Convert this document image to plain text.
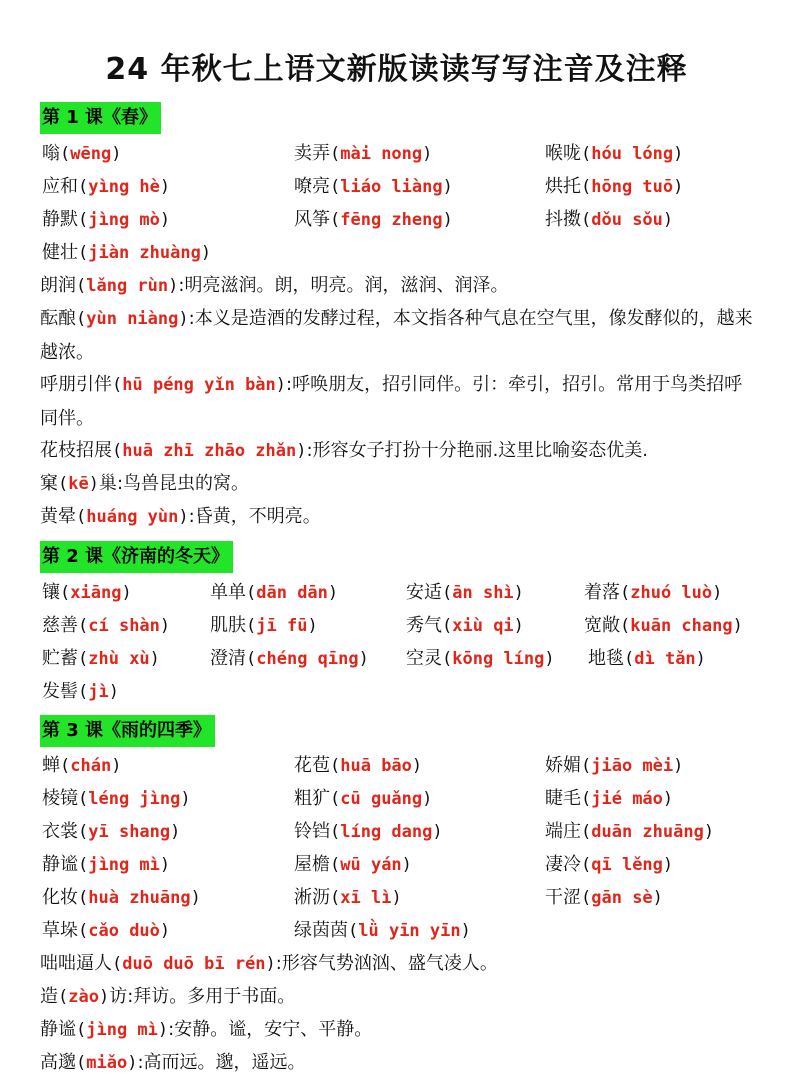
24 年秋七上语文新版读读写写注音及注释
第 1 课《春》
嗡(wēng)	卖弄(mài nong)	喉咙(hóu lóng)
应和(yìng hè)	嘹亮(liáo liàng)	烘托(hōng tuō)
静默(jìng mò)	风筝(fēng zheng)	抖擞(dǒu sǒu)
健壮(jiàn zhuàng)
朗润(lǎng rùn):明亮滋润。朗，明亮。润，滋润、润泽。
酝酿(yùn niàng):本义是造酒的发酵过程，本文指各种气息在空气里，像发酵似的，越来越浓。
呼朋引伴(hū péng yǐn bàn):呼唤朋友，招引同伴。引：牵引，招引。常用于鸟类招呼同伴。
花枝招展(huā zhī zhāo zhǎn):形容女子打扮十分艳丽.这里比喻姿态优美.
窠(kē)巢:鸟兽昆虫的窝。
黄晕(huáng yùn):昏黄，不明亮。
第 2 课《济南的冬天》
镶(xiāng)	单单(dān dān)	安适(ān shì)	着落(zhuó luò)
慈善(cí shàn) 肌肤(jī fū)	秀气(xiù qi)	宽敞(kuān chang)
贮蓄(zhù xù)	澄清(chéng qīng) 空灵(kōng líng) 地毯(dì tǎn)
发髻(jì)
第 3 课《雨的四季》
蝉(chán)	花苞(huā bāo)	娇媚(jiāo mèi)
棱镜(léng jìng)	粗犷(cū guǎng)	睫毛(jié máo)
衣裳(yī shang)	铃铛(líng dang)	端庄(duān zhuāng)
静谧(jìng mì)	屋檐(wū yán)	凄冷(qī lěng)
化妆(huà zhuāng)	淅沥(xī lì)	干涩(gān sè)
草垛(cǎo duò)	绿茵茵(lǜ yīn yīn)
咄咄逼人(duō duō bī rén):形容气势汹汹、盛气凌人。
造(zào)访:拜访。多用于书面。
静谧(jìng mì):安静。谧，安宁、平静。
高邈(miǎo):高而远。邈，遥远。
